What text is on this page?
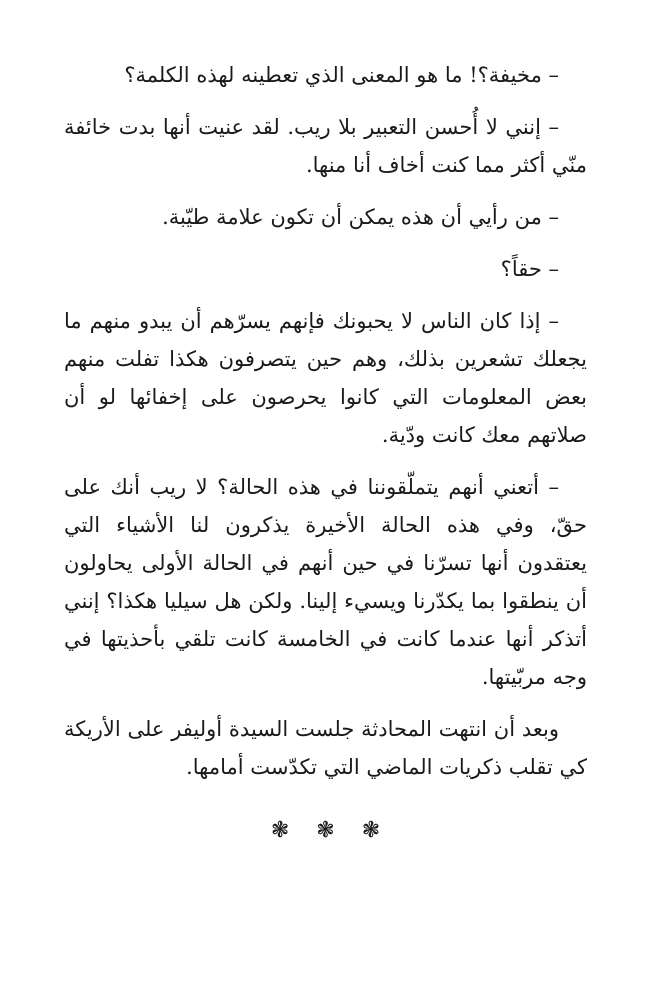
– مخيفة؟! ما هو المعنى الذي تعطينه لهذه الكلمة؟

– إنني لا أُحسن التعبير بلا ريب. لقد عنيت أنها بدت خائفة منّي أكثر مما كنت أخاف أنا منها.

– من رأيي أن هذه يمكن أن تكون علامة طيّبة.

– حقاً؟

– إذا كان الناس لا يحبونك فإنهم يسرّهم أن يبدو منهم ما يجعلك تشعرين بذلك، وهم حين يتصرفون هكذا تفلت منهم بعض المعلومات التي كانوا يحرصون على إخفائها لو أن صلاتهم معك كانت ودّية.

– أتعني أنهم يتملّقوننا في هذه الحالة؟ لا ريب أنك على حقّ، وفي هذه الحالة الأخيرة يذكرون لنا الأشياء التي يعتقدون أنها تسرّنا في حين أنهم في الحالة الأولى يحاولون أن ينطقوا بما يكدّرنا ويسيء إلينا. ولكن هل سيليا هكذا؟ إنني أتذكر أنها عندما كانت في الخامسة كانت تلقي بأحذيتها في وجه مربّيتها.

وبعد أن انتهت المحادثة جلست السيدة أوليفر على الأريكة كي تقلب ذكريات الماضي التي تكدّست أمامها.

❃ ❃ ❃
